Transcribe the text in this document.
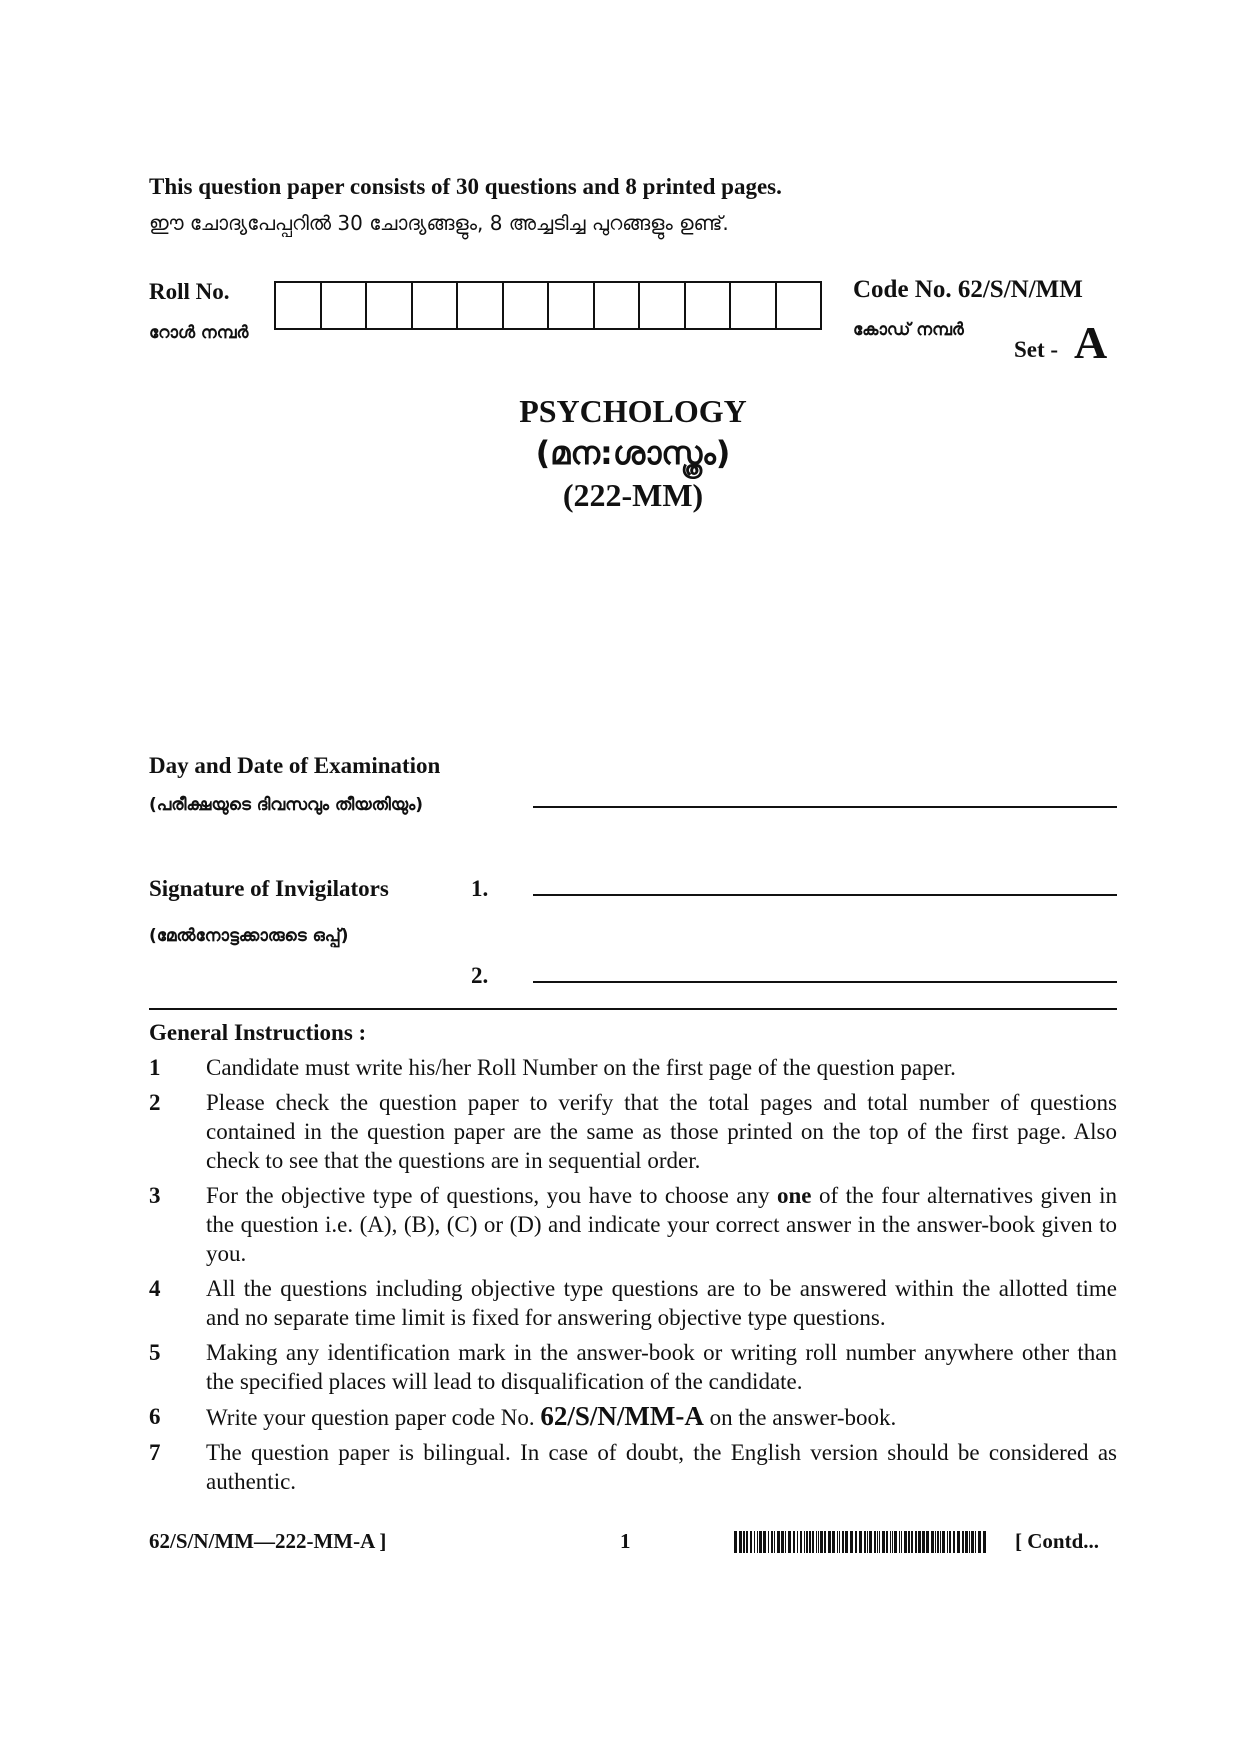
This question paper consists of 30 questions and 8 printed pages.
ഈ ചോദ്യപേപ്പറിൽ 30 ചോദ്യങ്ങളും, 8 അച്ചടിച്ച പുറങ്ങളും ഉണ്ട്.
Roll No.
റോൾ നമ്പർ
Code No. 62/S/N/MM
കോഡ് നമ്പർ
Set - A
PSYCHOLOGY
(മന:ശാസ്ത്രം)
(222-MM)
Day and Date of Examination
(പരീക്ഷയുടെ ദിവസവും തീയതിയും)
Signature of Invigilators
(മേൽനോട്ടക്കാരുടെ ഒപ്പ്)
1.
2.
General Instructions :
1	Candidate must write his/her Roll Number on the first page of the question paper.
2	Please check the question paper to verify that the total pages and total number of questions contained in the question paper are the same as those printed on the top of the first page. Also check to see that the questions are in sequential order.
3	For the objective type of questions, you have to choose any one of the four alternatives given in the question i.e. (A), (B), (C) or (D) and indicate your correct answer in the answer-book given to you.
4	All the questions including objective type questions are to be answered within the allotted time and no separate time limit is fixed for answering objective type questions.
5	Making any identification mark in the answer-book or writing roll number anywhere other than the specified places will lead to disqualification of the candidate.
6	Write your question paper code No. 62/S/N/MM-A on the answer-book.
7	The question paper is bilingual. In case of doubt, the English version should be considered as authentic.
62/S/N/MM—222-MM-A ]	1	[ Contd...
